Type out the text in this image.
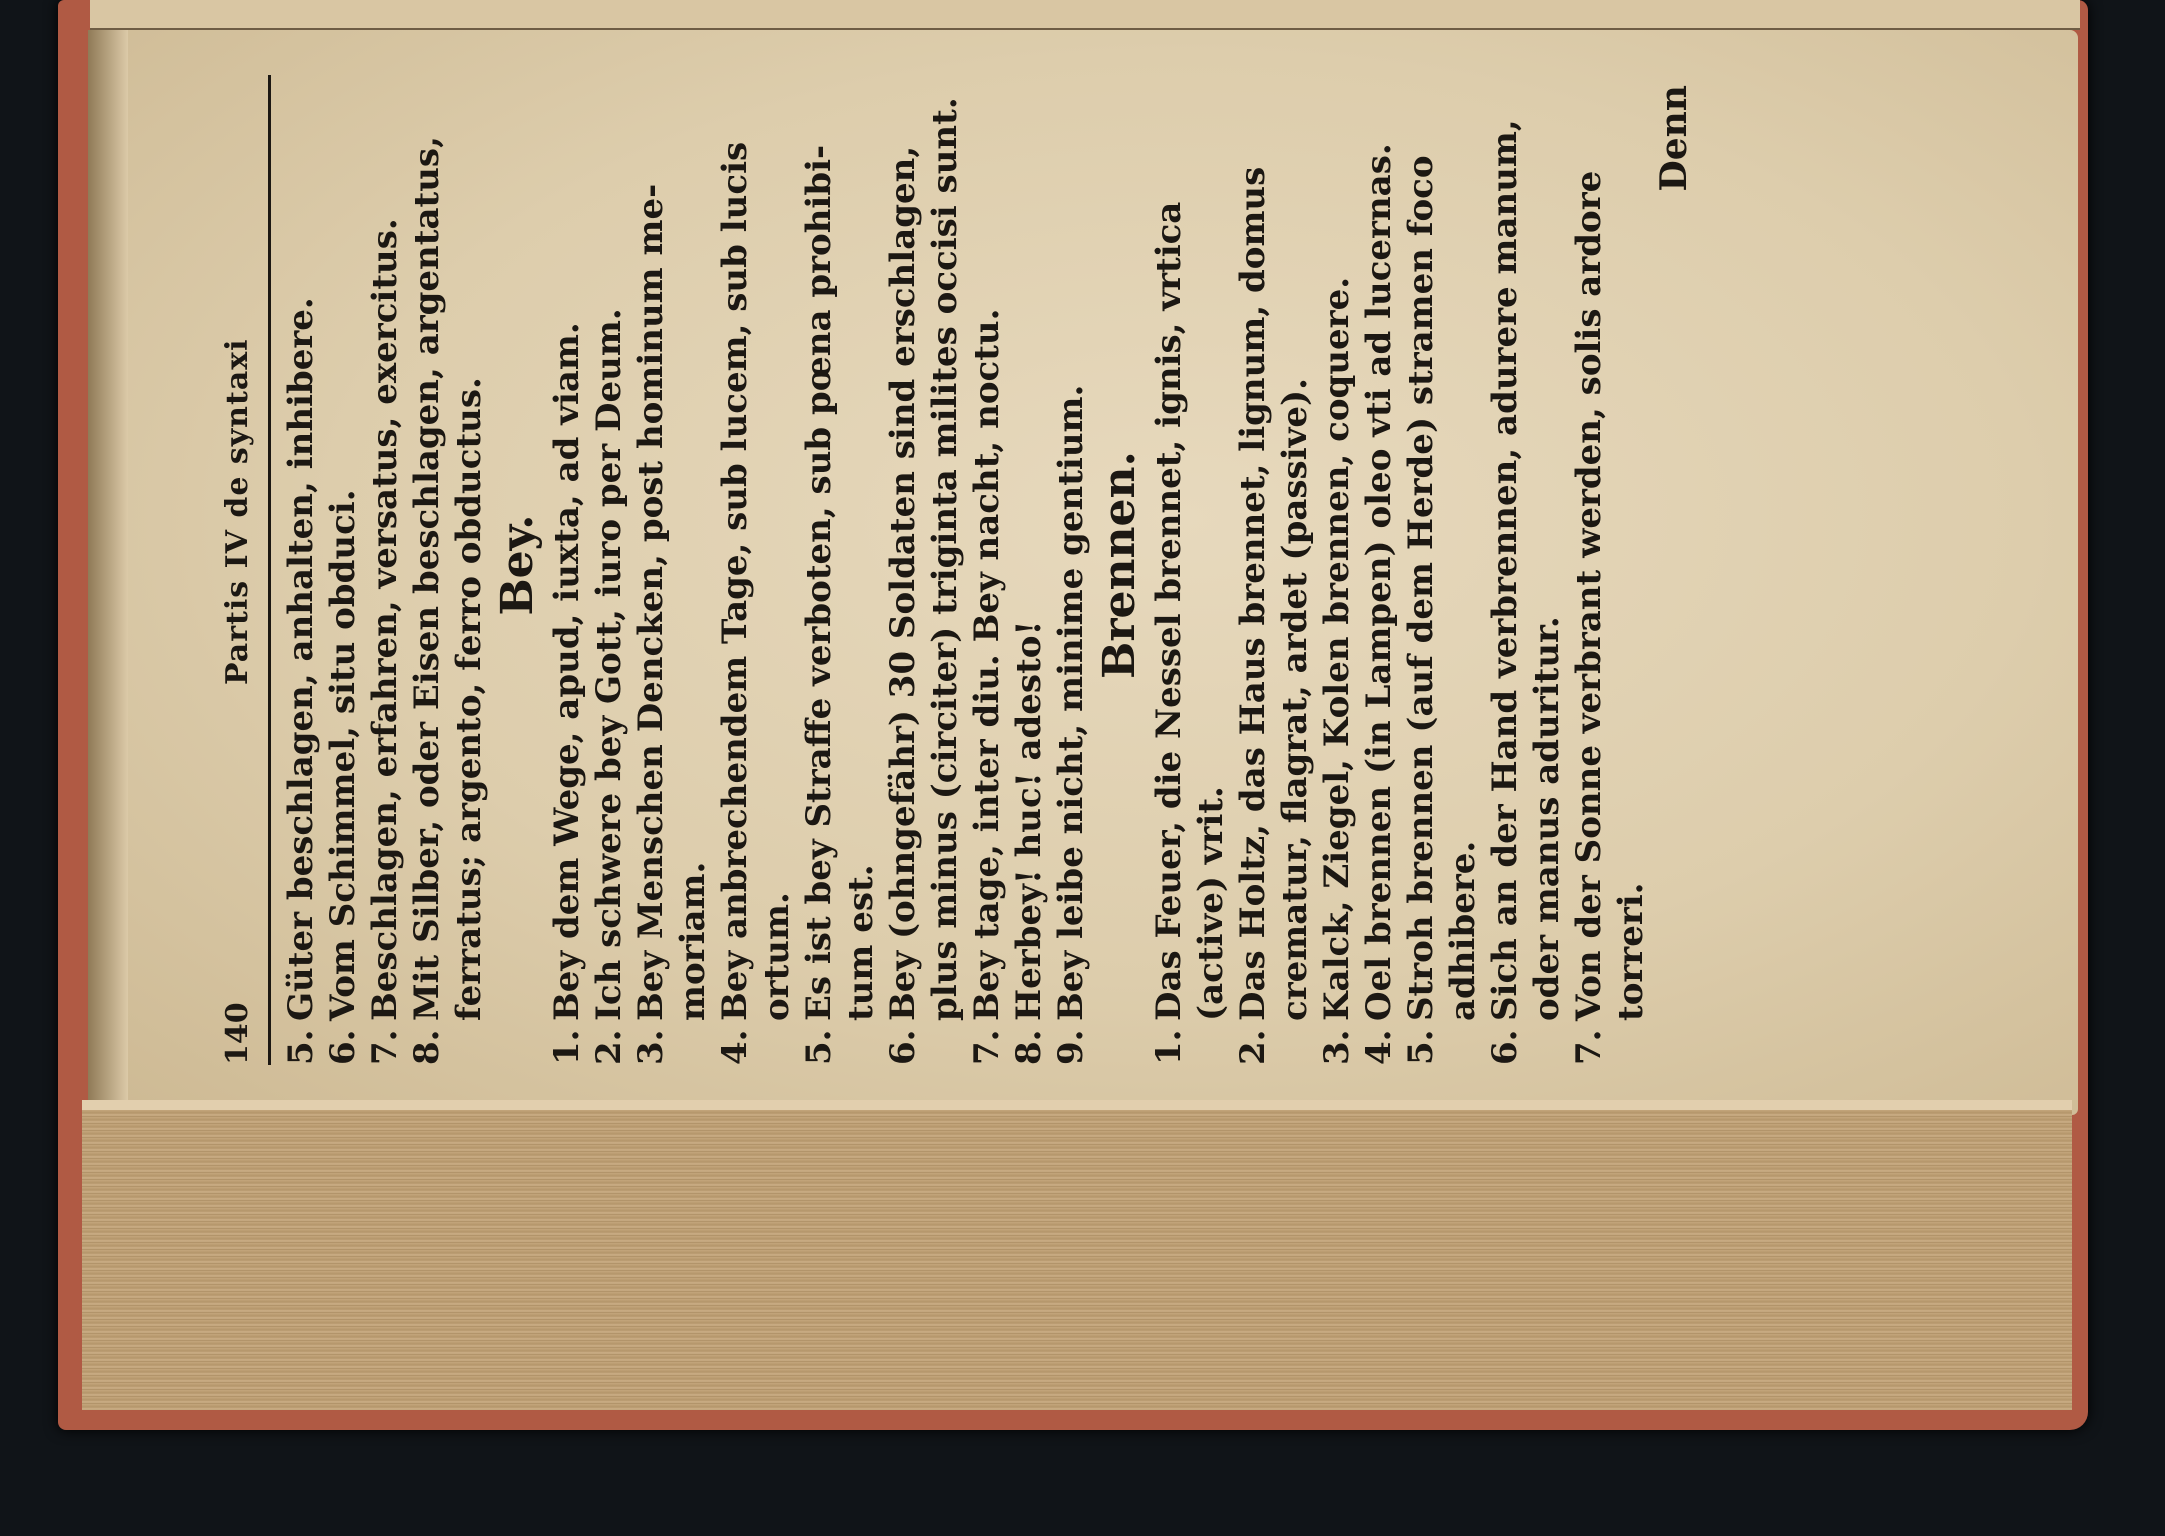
140
Partis IV de syntaxi
5.Güter beschlagen, anhalten, inhibere.
6.Vom Schimmel, situ obduci.
7.Beschlagen, erfahren, versatus, exercitus.
8.Mit Silber, oder Eisen beschlagen, argentatus, ferratus; argento, ferro obductus. Bey.
1.Bey dem Wege, apud, iuxta, ad viam.
2.Ich schwere bey Gott, iuro per Deum.
3.Bey Menschen Dencken, post hominum me- moriam.
4.Bey anbrechendem Tage, sub lucem, sub lucis ortum.
5.Es ist bey Straffe verboten, sub pœna prohibi- tum est.
6.Bey (ohngefähr) 30 Soldaten sind erschlagen, plus minus (circiter) triginta milites occisi sunt.
7.Bey tage, inter diu. Bey nacht, noctu.
8.Herbey! huc! adesto!
9.Bey leibe nicht, minime gentium. Brennen.
1.Das Feuer, die Nessel brennet, ignis, vrtica (active) vrit.
2.Das Holtz, das Haus brennet, lignum, domus crematur, flagrat, ardet (passive).
3.Kalck, Ziegel, Kolen brennen, coquere.
4.Oel brennen (in Lampen) oleo vti ad lucernas.
5.Stroh brennen (auf dem Herde) stramen foco adhibere.
6.Sich an der Hand verbrennen, adurere manum, oder manus aduritur.
7.Von der Sonne verbrant werden, solis ardore torreri.
Denn
